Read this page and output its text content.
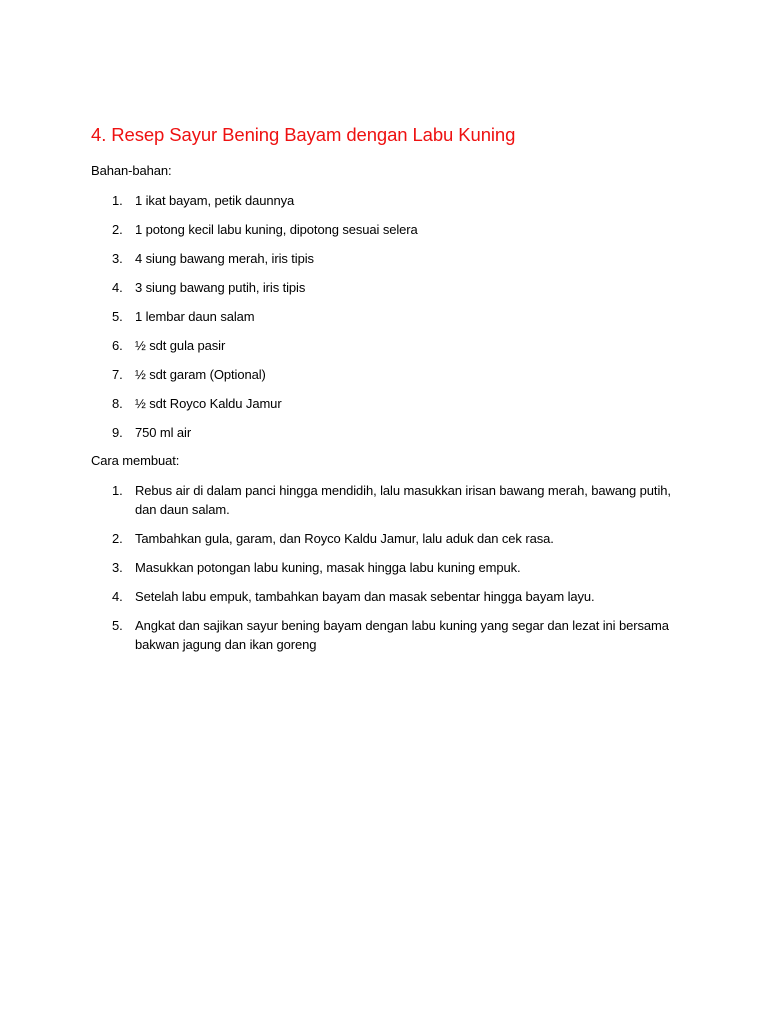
4. Resep Sayur Bening Bayam dengan Labu Kuning
Bahan-bahan:
1. 1 ikat bayam, petik daunnya
2. 1 potong kecil labu kuning, dipotong sesuai selera
3. 4 siung bawang merah, iris tipis
4. 3 siung bawang putih, iris tipis
5. 1 lembar daun salam
6. ½ sdt gula pasir
7. ½ sdt garam (Optional)
8. ½ sdt Royco Kaldu Jamur
9. 750 ml air
Cara membuat:
1. Rebus air di dalam panci hingga mendidih, lalu masukkan irisan bawang merah, bawang putih, dan daun salam.
2. Tambahkan gula, garam, dan Royco Kaldu Jamur, lalu aduk dan cek rasa.
3. Masukkan potongan labu kuning, masak hingga labu kuning empuk.
4. Setelah labu empuk, tambahkan bayam dan masak sebentar hingga bayam layu.
5. Angkat dan sajikan sayur bening bayam dengan labu kuning yang segar dan lezat ini bersama bakwan jagung dan ikan goreng
